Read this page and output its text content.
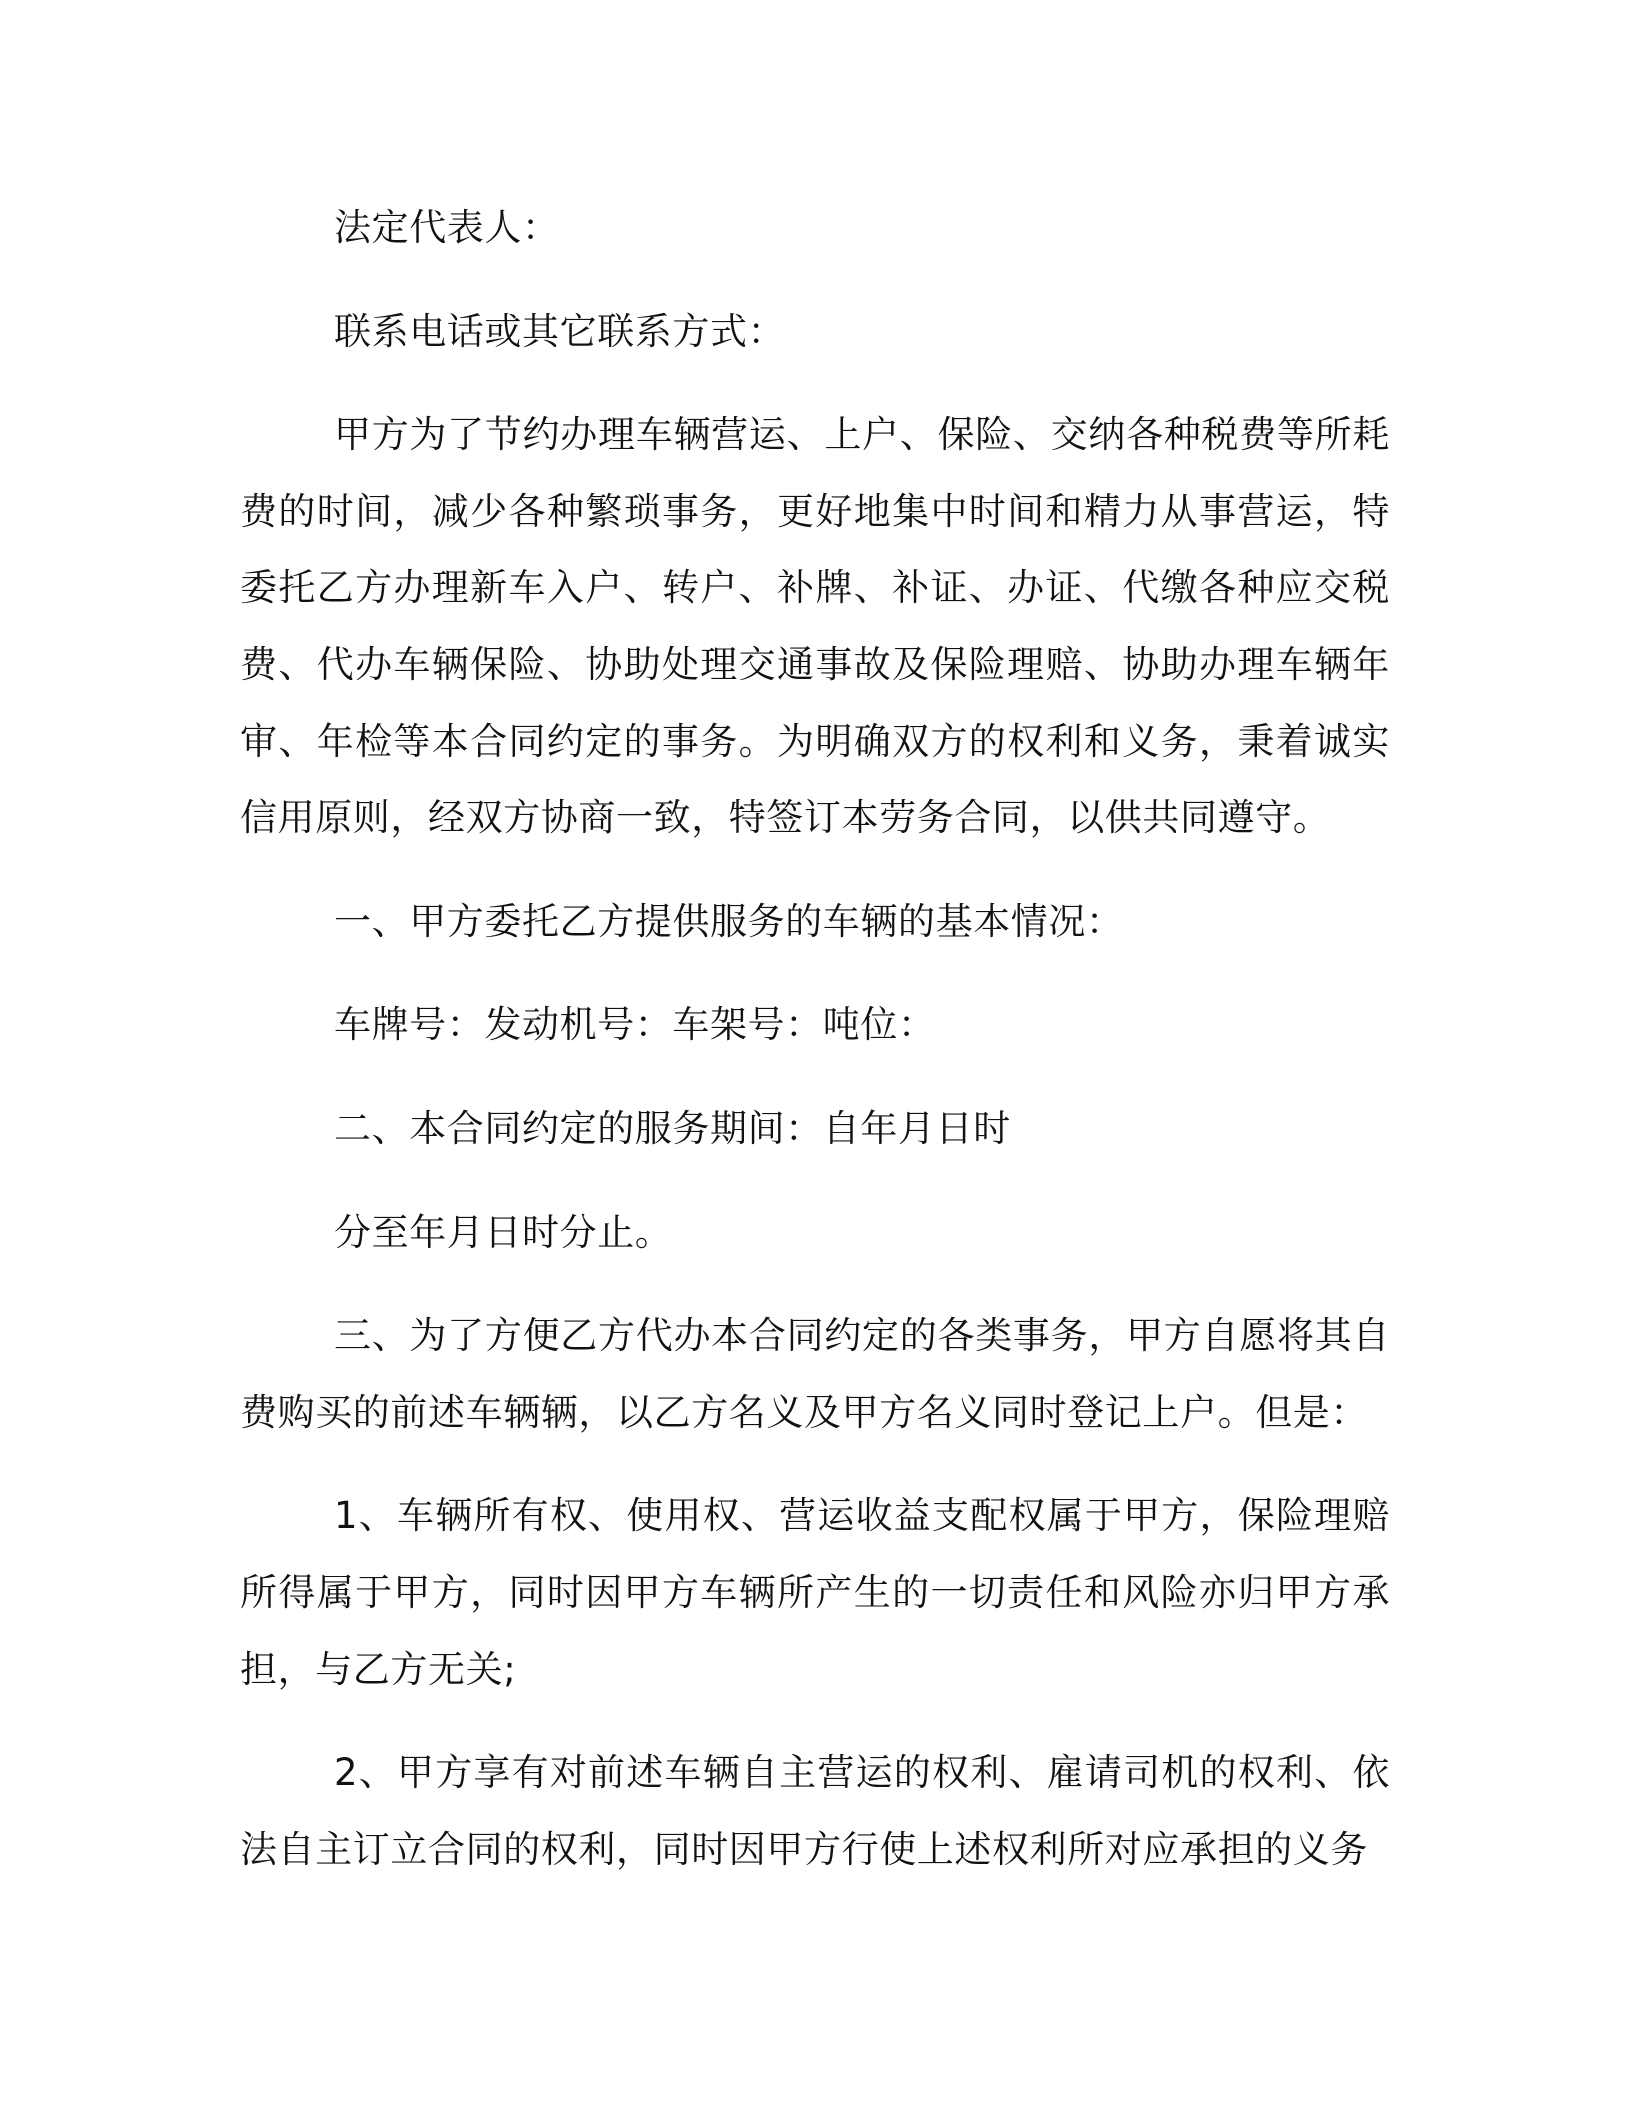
法定代表人：

联系电话或其它联系方式：

甲方为了节约办理车辆营运、上户、保险、交纳各种税费等所耗费的时间，减少各种繁琐事务，更好地集中时间和精力从事营运，特委托乙方办理新车入户、转户、补牌、补证、办证、代缴各种应交税费、代办车辆保险、协助处理交通事故及保险理赔、协助办理车辆年审、年检等本合同约定的事务。为明确双方的权利和义务，秉着诚实信用原则，经双方协商一致，特签订本劳务合同，以供共同遵守。

一、甲方委托乙方提供服务的车辆的基本情况：

车牌号：发动机号：车架号：吨位：

二、本合同约定的服务期间：自年月日时

分至年月日时分止。

三、为了方便乙方代办本合同约定的各类事务，甲方自愿将其自费购买的前述车辆辆，以乙方名义及甲方名义同时登记上户。但是：

1、车辆所有权、使用权、营运收益支配权属于甲方，保险理赔所得属于甲方，同时因甲方车辆所产生的一切责任和风险亦归甲方承担，与乙方无关;

2、甲方享有对前述车辆自主营运的权利、雇请司机的权利、依法自主订立合同的权利，同时因甲方行使上述权利所对应承担的义务
